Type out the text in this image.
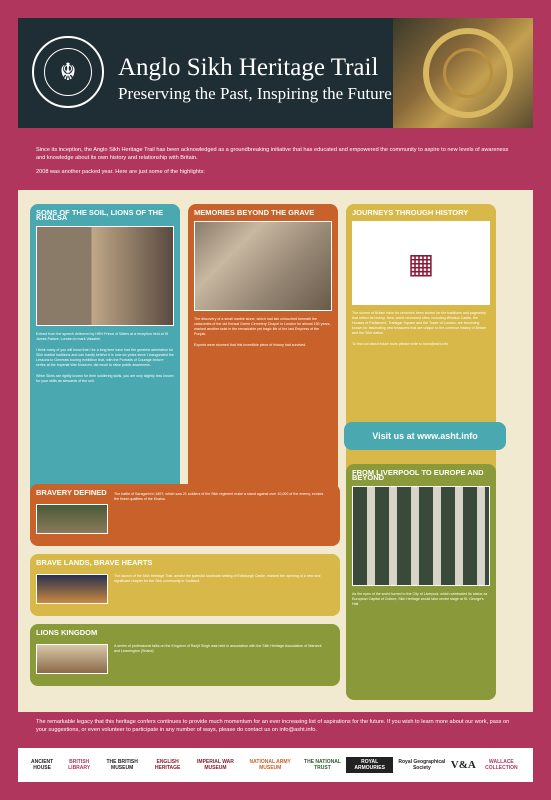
☬	Anglo Sikh Heritage Trail
Preserving the Past, Inspiring the Future

Since its inception, the Anglo Sikh Heritage Trail has been acknowledged as a groundbreaking initiative that has educated and empowered the community to aspire to new levels of awareness and knowledge about its own history and relationship with Britain.

2008 was another packed year. Here are just some of the highlights:

SONS OF THE SOIL, LIONS OF THE KHALSA

Extract from the speech delivered by HRH Prince of Wales at a reception held at St James Palace, London to mark Vaisakhi.

I think many of you will know that I for a long time have had the greatest admiration for Sikh martial traditions and can hardly believe it is now six years since I inaugurated the Lessons to Generals touring exhibition that, with the Portraits of Courage lecture series at the Imperial War Museum, did much to raise public awareness.

While Sikhs are rightly known for their soldiering skills, you are only slightly less known for your skills as stewards of the soil.

MEMORIES BEYOND THE GRAVE

The discovery of a small marble stone, which had lain untouched beneath the catacombs of the old Kensal Green Cemetery Chapel in London for almost 150 years, marked another twist in the remarkable yet tragic life of the last Empress of the Punjab.

Experts were stunned that this incredible piece of history had survived.

JOURNEYS THROUGH HISTORY
▦

The shores of Britain have for centuries been known for the traditions and pageantry that reflect its history. New, world renowned sites, including Windsor Castle, the Houses of Parliament, Trafalgar Square and the Tower of London, are becoming known for fascinating new treasures that are unique to the common history of Britain and the Sikh nation.

To find out about future tours please write to tours@asht.info

Visit us at www.asht.info
BRAVERY DEFINED	The battle of Saragarhi in 1897, which saw 21 soldiers of the Sikh regiment make a stand against over 10,000 of the enemy, evokes the finest qualities of the Khalsa.
BRAVE LANDS, BRAVE HEARTS
The launch of the Sikh Heritage Trail, amidst the splendid landmark setting of Edinburgh Castle, marked the opening of a new and significant chapter for the Sikh community in Scotland.
LIONS KINGDOM
A series of professional talks on the Kingdom of Ranjit Singh was held in association with the Sikh Heritage Association of Warwick and Leamington (Shabd).
FROM LIVERPOOL TO EUROPE AND BEYOND

As the eyes of the world turned to the City of Liverpool, which celebrated its status as European Capital of Culture, Sikh Heritage would take centre stage at St. George's Hall.

The remarkable legacy that this heritage confers continues to provide much momentum for an ever increasing list of aspirations for the future. If you wish to learn more about our work, pass on your suggestions, or even volunteer to participate in any number of ways, please do contact us on info@asht.info.
ANCIENT HOUSE
BRITISH LIBRARY
THE BRITISH MUSEUM
ENGLISH HERITAGE
IMPERIAL WAR MUSEUM
NATIONAL ARMY MUSEUM
THE NATIONAL TRUST
ROYAL ARMOURIES
Royal Geographical Society	V&A	WALLACE COLLECTION
